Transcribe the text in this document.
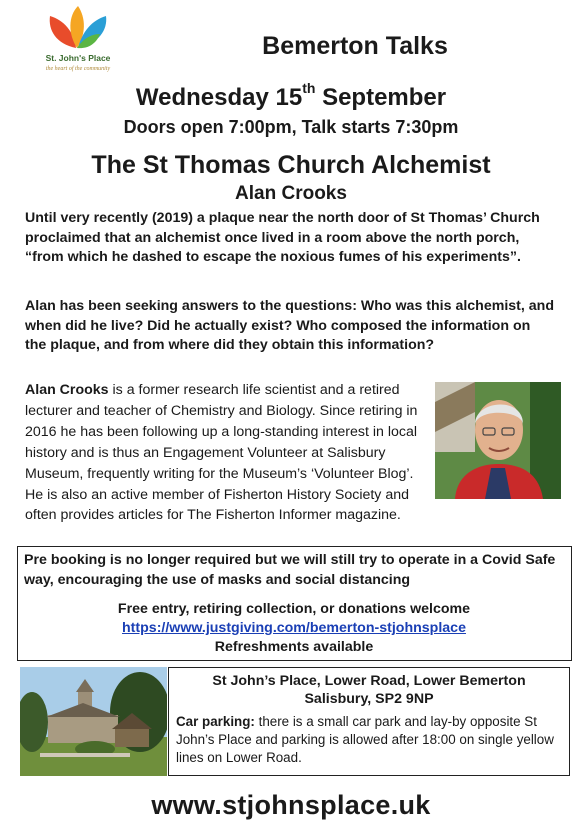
St. John's Place
the heart of the community
Bemerton Talks
Wednesday 15th September
Doors open 7:00pm, Talk starts 7:30pm
The St Thomas Church Alchemist
Alan Crooks
Until very recently (2019) a plaque near the north door of St Thomas’ Church proclaimed that an alchemist once lived in a room above the north porch, “from which he dashed to escape the noxious fumes of his experiments”.
Alan has been seeking answers to the questions: Who was this alchemist, and when did he live? Did he actually exist? Who composed the information on the plaque, and from where did they obtain this information?
Alan Crooks is a former research life scientist and a retired lecturer and teacher of Chemistry and Biology. Since retiring in 2016 he has been following up a long-standing interest in local history and is thus an Engagement Volunteer at Salisbury Museum, frequently writing for the Museum’s ‘Volunteer Blog’. He is also an active member of Fisherton History Society and often provides articles for The Fisherton Informer magazine.
Pre booking is no longer required but we will still try to operate in a Covid Safe way, encouraging the use of masks and social distancing
Free entry, retiring collection, or donations welcome
https://www.justgiving.com/bemerton-stjohnsplace
Refreshments available
St John’s Place, Lower Road, Lower Bemerton
Salisbury, SP2 9NP
Car parking: there is a small car park and lay-by opposite St John’s Place and parking is allowed after 18:00 on single yellow lines on Lower Road.
www.stjohnsplace.uk
